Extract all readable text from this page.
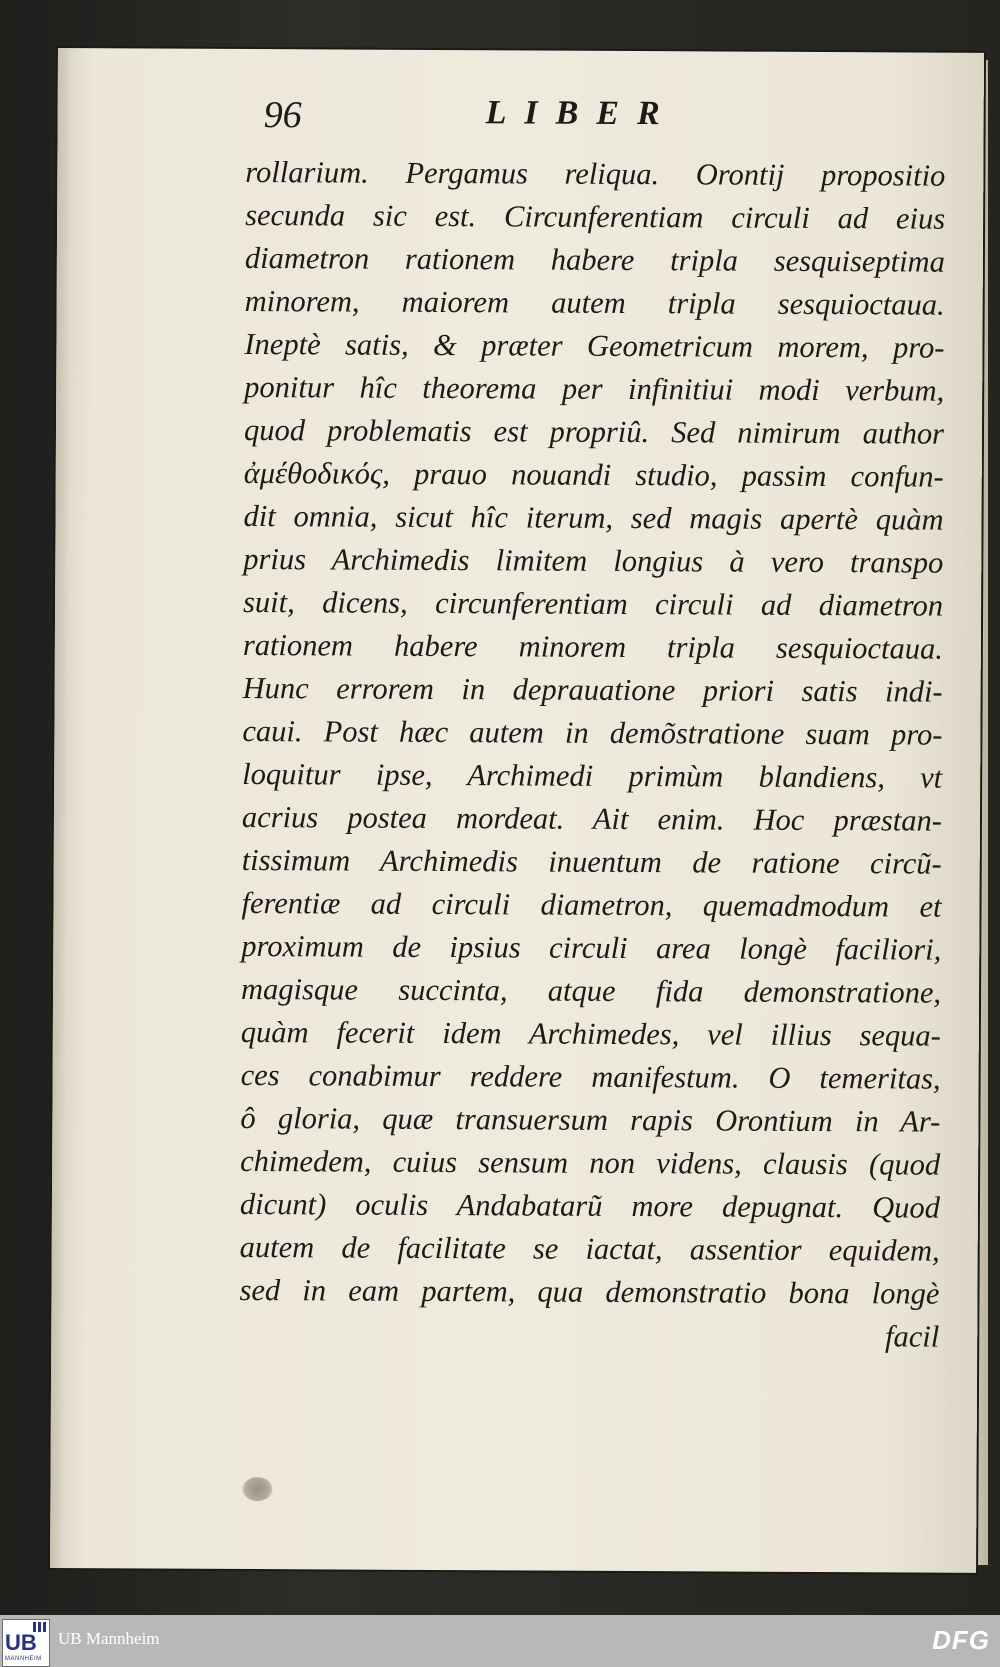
96	LIBER
rollarium. Pergamus reliqua. Orontij propositio
secunda sic est. Circunferentiam circuli ad eius
diametron rationem habere tripla sesquiseptima
minorem, maiorem autem tripla sesquioctaua.
Ineptè satis, & præter Geometricum morem, pro-
ponitur hîc theorema per infinitiui modi verbum,
quod problematis est propriû. Sed nimirum author
ἀμέθοδικός, prauo nouandi studio, passim confun-
dit omnia, sicut hîc iterum, sed magis apertè quàm
prius Archimedis limitem longius à vero transpo
suit, dicens, circunferentiam circuli ad diametron
rationem habere minorem tripla sesquioctaua.
Hunc errorem in deprauatione priori satis indi-
caui. Post hæc autem in demõstratione suam pro-
loquitur ipse, Archimedi primùm blandiens, vt
acrius postea mordeat. Ait enim. Hoc præstan-
tissimum Archimedis inuentum de ratione circũ-
ferentiæ ad circuli diametron, quemadmodum et
proximum de ipsius circuli area longè faciliori,
magisque succinta, atque fida demonstratione,
quàm fecerit idem Archimedes, vel illius sequa-
ces conabimur reddere manifestum. O temeritas,
ô gloria, quæ transuersum rapis Orontium in Ar-
chimedem, cuius sensum non videns, clausis (quod
dicunt) oculis Andabatarũ more depugnat. Quod
autem de facilitate se iactat, assentior equidem,
sed in eam partem, qua demonstratio bona longè
facil
UB
MANNHEIM
UB Mannheim	DFG
